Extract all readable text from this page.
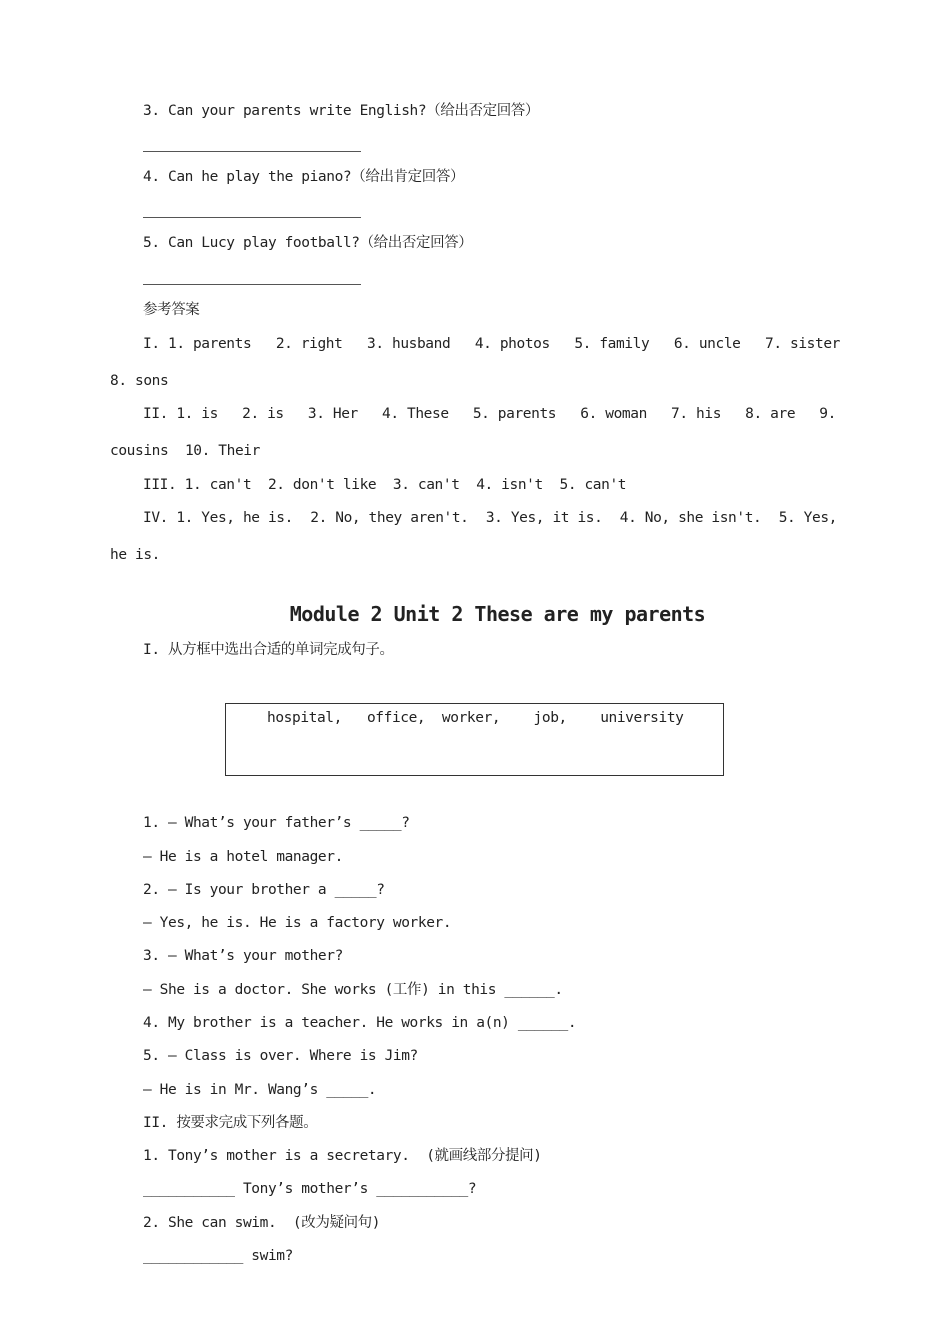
3. Can your parents write English?（给出否定回答）
4. Can he play the piano?（给出肯定回答）
5. Can Lucy play football?（给出否定回答）
参考答案
I. 1. parents 2. right 3. husband 4. photos 5. family 6. uncle 7. sister
8. sons
II. 1. is 2. is 3. Her 4. These 5. parents 6. woman 7. his 8. are 9.
cousins  10. Their
III. 1. can't  2. don't like  3. can't  4. isn't  5. can't
IV. 1. Yes, he is. 2. No, they aren't. 3. Yes, it is. 4. No, she isn't. 5. Yes,
he is.
Module 2 Unit 2 These are my parents
I. 从方框中选出合适的单词完成句子。
hospital,   office,  worker,    job,    university
1. — What’s your father’s _____?
— He is a hotel manager.
2. — Is your brother a _____?
— Yes, he is. He is a factory worker.
3. — What’s your mother?
— She is a doctor. She works (工作) in this ______.
4. My brother is a teacher. He works in a(n) ______.
5. — Class is over. Where is Jim?
— He is in Mr. Wang’s _____.
II. 按要求完成下列各题。
1. Tony’s mother is a secretary.  (就画线部分提问)
___________ Tony’s mother’s ___________?
2. She can swim.  (改为疑问句)
____________ swim?
